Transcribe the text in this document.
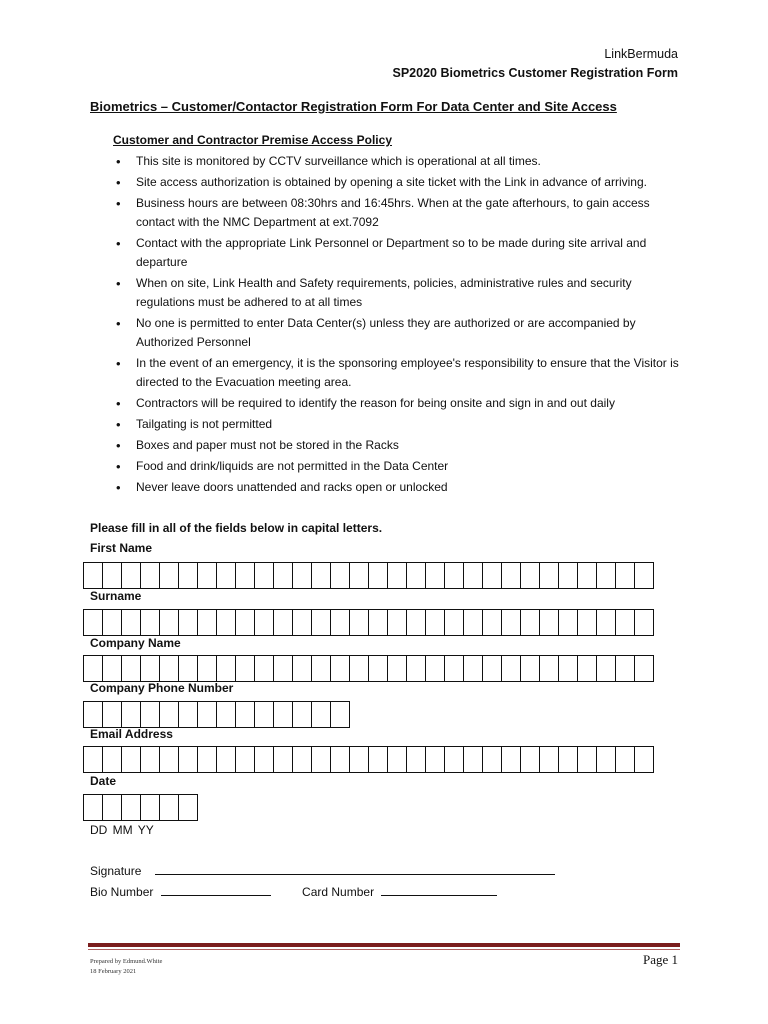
LinkBermuda
SP2020 Biometrics Customer Registration Form
Biometrics – Customer/Contactor Registration Form For Data Center and Site Access
Customer and Contractor Premise Access Policy
• This site is monitored by CCTV surveillance which is operational at all times.
• Site access authorization is obtained by opening a site ticket with the Link in advance of arriving.
• Business hours are between 08:30hrs and 16:45hrs. When at the gate afterhours, to gain access contact with the NMC Department at ext.7092
• Contact with the appropriate Link Personnel or Department so to be made during site arrival and departure
• When on site, Link Health and Safety requirements, policies, administrative rules and security regulations must be adhered to at all times
• No one is permitted to enter Data Center(s) unless they are authorized or are accompanied by Authorized Personnel
• In the event of an emergency, it is the sponsoring employee's responsibility to ensure that the Visitor is directed to the Evacuation meeting area.
• Contractors will be required to identify the reason for being onsite and sign in and out daily
• Tailgating is not permitted
• Boxes and paper must not be stored in the Racks
• Food and drink/liquids are not permitted in the Data Center
• Never leave doors unattended and racks open or unlocked
Please fill in all of the fields below in capital letters.
First Name
Surname
Company Name
Company Phone Number
Email Address
Date
DD MM YY
Signature
Bio Number	Card Number
Prepared by Edmund.White
18 February 2021
Page 1
